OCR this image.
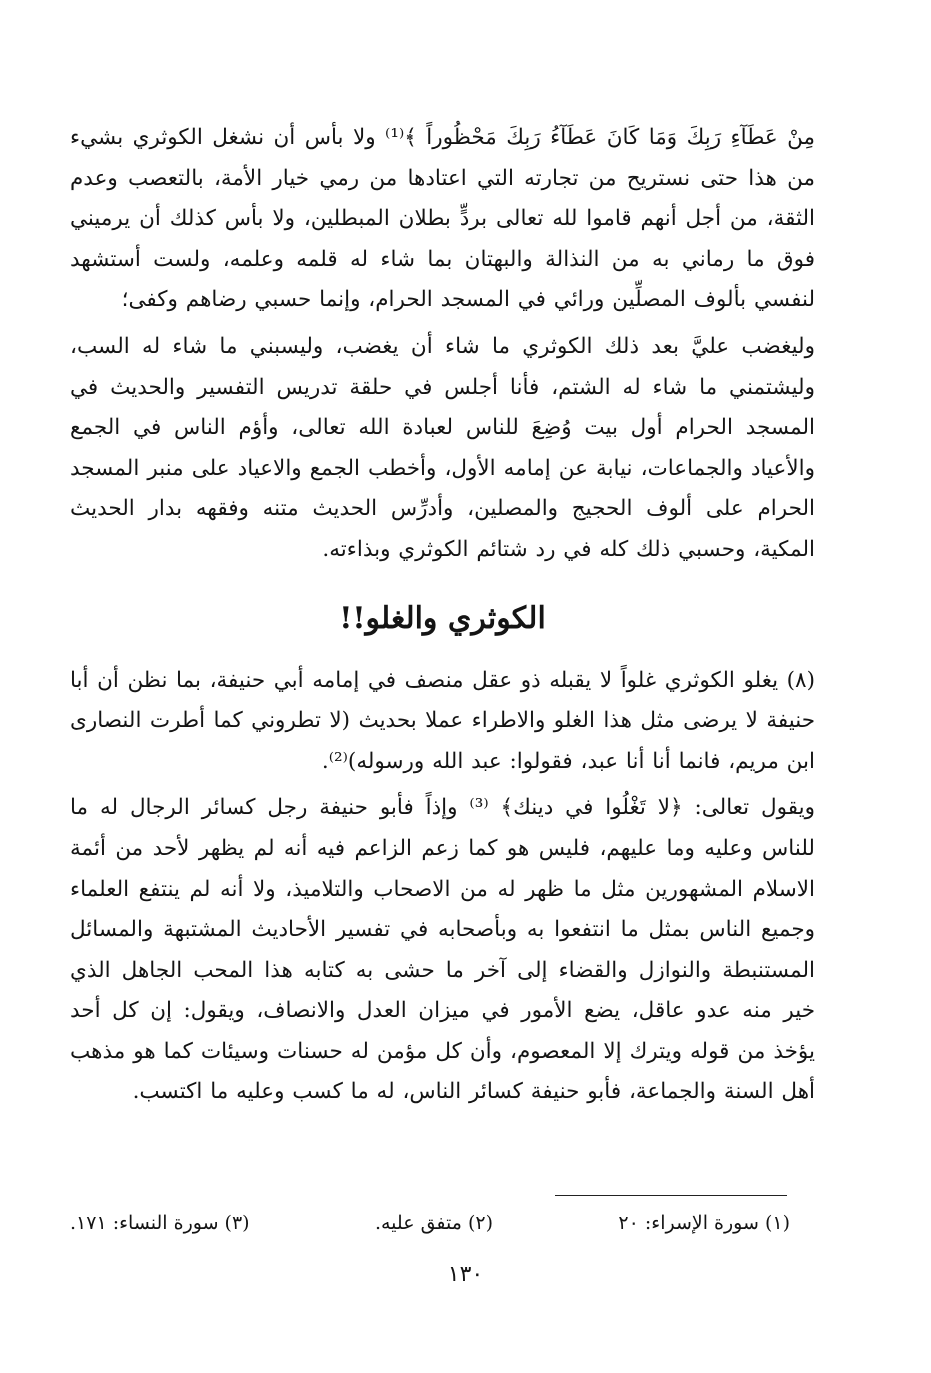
مِنْ عَطَآءِ رَبِكَ وَمَا كَانَ عَطَآءُ رَبِكَ مَحْظُوراً ﴾⁽¹⁾ ولا بأس أن نشغل الكوثري بشيء من هذا حتى نستريح من تجارته التي اعتادها من رمي خيار الأمة، بالتعصب وعدم الثقة، من أجل أنهم قاموا لله تعالى بردٍّ بطلان المبطلين، ولا بأس كذلك أن يرميني فوق ما رماني به من النذالة والبهتان بما شاء له قلمه وعلمه، ولست أستشهد لنفسي بألوف المصلِّين ورائي في المسجد الحرام، وإنما حسبي رضاهم وكفى؛

وليغضب عليَّ بعد ذلك الكوثري ما شاء أن يغضب، وليسبني ما شاء له السب، وليشتمني ما شاء له الشتم، فأنا أجلس في حلقة تدريس التفسير والحديث في المسجد الحرام أول بيت وُضِعَ للناس لعبادة الله تعالى، وأؤم الناس في الجمع والأعياد والجماعات، نيابة عن إمامه الأول، وأخطب الجمع والاعياد على منبر المسجد الحرام على ألوف الحجيج والمصلين، وأدرِّس الحديث متنه وفقهه بدار الحديث المكية، وحسبي ذلك كله في رد شتائم الكوثري وبذاءته.

الكوثري والغلو!!

(٨) يغلو الكوثري غلواً لا يقبله ذو عقل منصف في إمامه أبي حنيفة، بما نظن أن أبا حنيفة لا يرضى مثل هذا الغلو والاطراء عملا بحديث (لا تطروني كما أطرت النصارى ابن مريم، فانما أنا أنا عبد، فقولوا: عبد الله ورسوله)⁽²⁾.

ويقول تعالى: ﴿لا تَغْلُوا في دينك﴾ ⁽³⁾ وإذاً فأبو حنيفة رجل كسائر الرجال له ما للناس وعليه وما عليهم، فليس هو كما زعم الزاعم فيه أنه لم يظهر لأحد من أئمة الاسلام المشهورين مثل ما ظهر له من الاصحاب والتلاميذ، ولا أنه لم ينتفع العلماء وجميع الناس بمثل ما انتفعوا به وبأصحابه في تفسير الأحاديث المشتبهة والمسائل المستنبطة والنوازل والقضاء إلى آخر ما حشى به كتابه هذا المحب الجاهل الذي خير منه عدو عاقل، يضع الأمور في ميزان العدل والانصاف، ويقول: إن كل أحد يؤخذ من قوله ويترك إلا المعصوم، وأن كل مؤمن له حسنات وسيئات كما هو مذهب أهل السنة والجماعة، فأبو حنيفة كسائر الناس، له ما كسب وعليه ما اكتسب.

(١) سورة الإسراء: ٢٠
(٢) متفق عليه.
(٣) سورة النساء: ١٧١.
١٣٠
